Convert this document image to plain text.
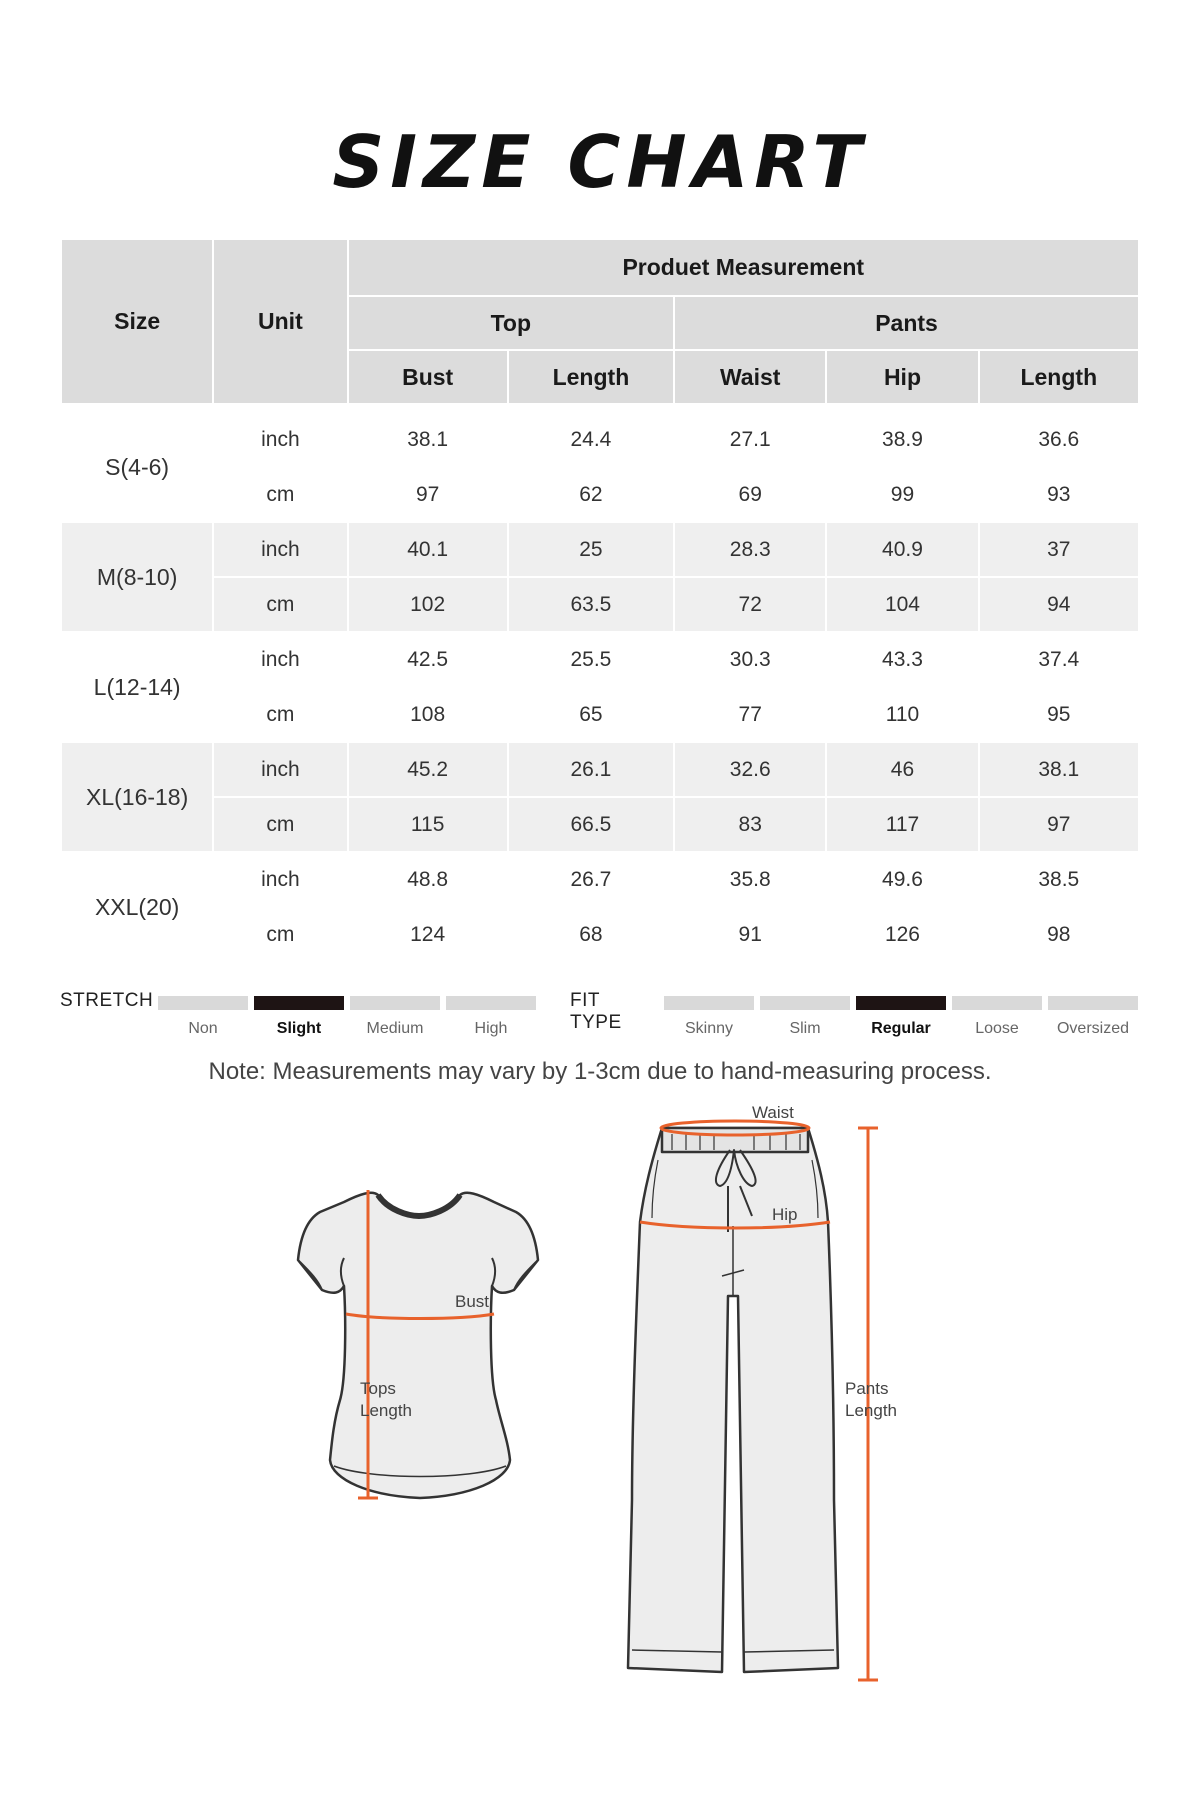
SIZE CHART
Size	Unit	Produet Measurement				
		Top		Pants		
		Bust	Length	Waist	Hip	Length
S(4-6)	inch	38.1	24.4	27.1	38.9	36.6
	cm	97	62	69	99	93
M(8-10)	inch	40.1	25	28.3	40.9	37
	cm	102	63.5	72	104	94
L(12-14)	inch	42.5	25.5	30.3	43.3	37.4
	cm	108	65	77	110	95
XL(16-18)	inch	45.2	26.1	32.6	46	38.1
	cm	115	66.5	83	117	97
XXL(20)	inch	48.8	26.7	35.8	49.6	38.5
	cm	124	68	91	126	98
STRETCH
Non	Slight	Medium	High
FIT TYPE	Skinny	Slim	Regular	Loose	Oversized
Note: Measurements may vary by 1-3cm due to hand-measuring process.
Bust
Tops
Length
Waist
Hip
Pants
Length
